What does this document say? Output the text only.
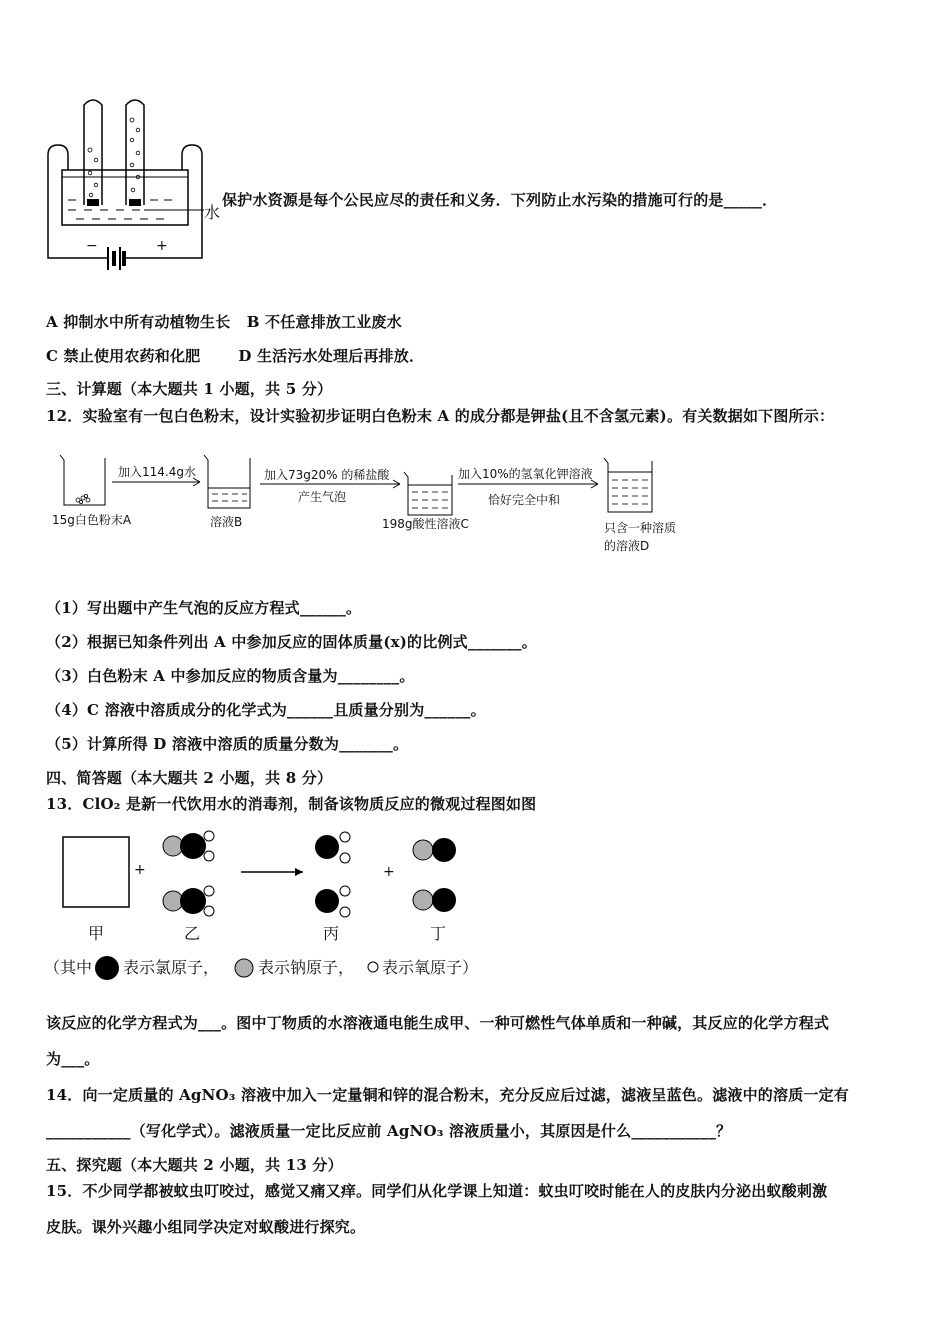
水
−	+
保护水资源是每个公民应尽的责任和义务．下列防止水污染的措施可行的是_____．
A 抑制水中所有动植物生长   B 不任意排放工业废水
C 禁止使用农药和化肥       D 生活污水处理后再排放．
三、计算题（本大题共 1 小题，共 5 分）
12．实验室有一包白色粉末，设计实验初步证明白色粉末 A 的成分都是钾盐(且不含氢元素)。有关数据如下图所示：
15g白色粉末A
加入114.4g水
溶液B
加入73g20% 的稀盐酸
产生气泡
198g酸性溶液C
加入10%的氢氧化钾溶液
恰好完全中和
只含一种溶质
的溶液D
（1）写出题中产生气泡的反应方程式______。
（2）根据已知条件列出 A 中参加反应的固体质量(x)的比例式_______。
（3）白色粉末 A 中参加反应的物质含量为________。
（4）C 溶液中溶质成分的化学式为______且质量分别为______。
（5）计算所得 D 溶液中溶质的质量分数为_______。
四、简答题（本大题共 2 小题，共 8 分）
13．ClO₂ 是新一代饮用水的消毒剂，制备该物质反应的微观过程图如图
+	+
甲	乙	丙	丁
（其中 表示氯原子， 表示钠原子， 表示氧原子）
该反应的化学方程式为___。图中丁物质的水溶液通电能生成甲、一种可燃性气体单质和一种碱，其反应的化学方程式
为___。
14．向一定质量的 AgNO₃ 溶液中加入一定量铜和锌的混合粉末，充分反应后过滤，滤液呈蓝色。滤液中的溶质一定有
___________（写化学式）。滤液质量一定比反应前 AgNO₃ 溶液质量小，其原因是什么___________？
五、探究题（本大题共 2 小题，共 13 分）
15．不少同学都被蚊虫叮咬过，感觉又痛又痒。同学们从化学课上知道：蚊虫叮咬时能在人的皮肤内分泌出蚁酸刺激
皮肤。课外兴趣小组同学决定对蚁酸进行探究。
